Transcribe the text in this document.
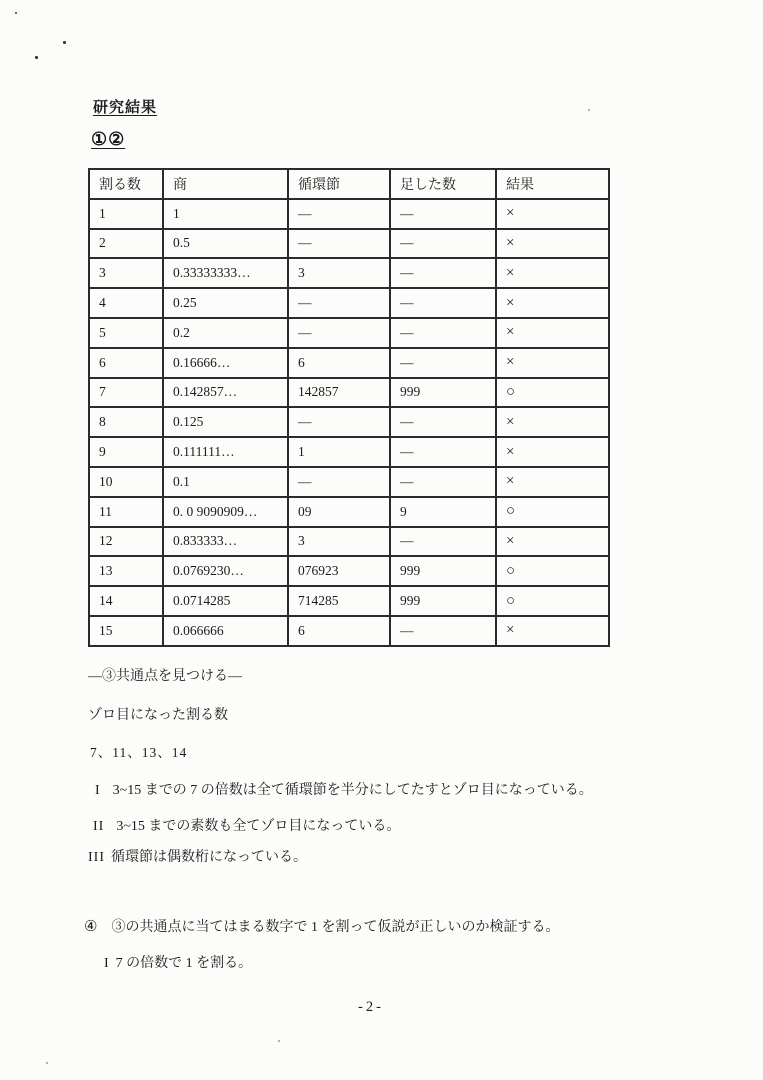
研究結果
①②
割る数	商	循環節	足した数	結果
1	1	—	—	×
2	0.5	—	—	×
3	0.33333333…	3	—	×
4	0.25	—	—	×
5	0.2	—	—	×
6	0.16666…	6	—	×
7	0.142857…	142857	999	○
8	0.125	—	—	×
9	0.111111…	1	—	×
10	0.1	—	—	×
11	0. 0 9090909…	09	9	○
12	0.833333…	3	—	×
13	0.0769230…	076923	999	○
14	0.0714285	714285	999	○
15	0.066666	6	—	×
―③共通点を見つける―
ゾロ目になった割る数
7、11、13、14
I 3~15 までの 7 の倍数は全て循環節を半分にしてたすとゾロ目になっている。
II 3~15 までの素数も全てゾロ目になっている。
III 循環節は偶数桁になっている。
④ ③の共通点に当てはまる数字で 1 を割って仮説が正しいのか検証する。
I 7 の倍数で 1 を割る。
-2-
